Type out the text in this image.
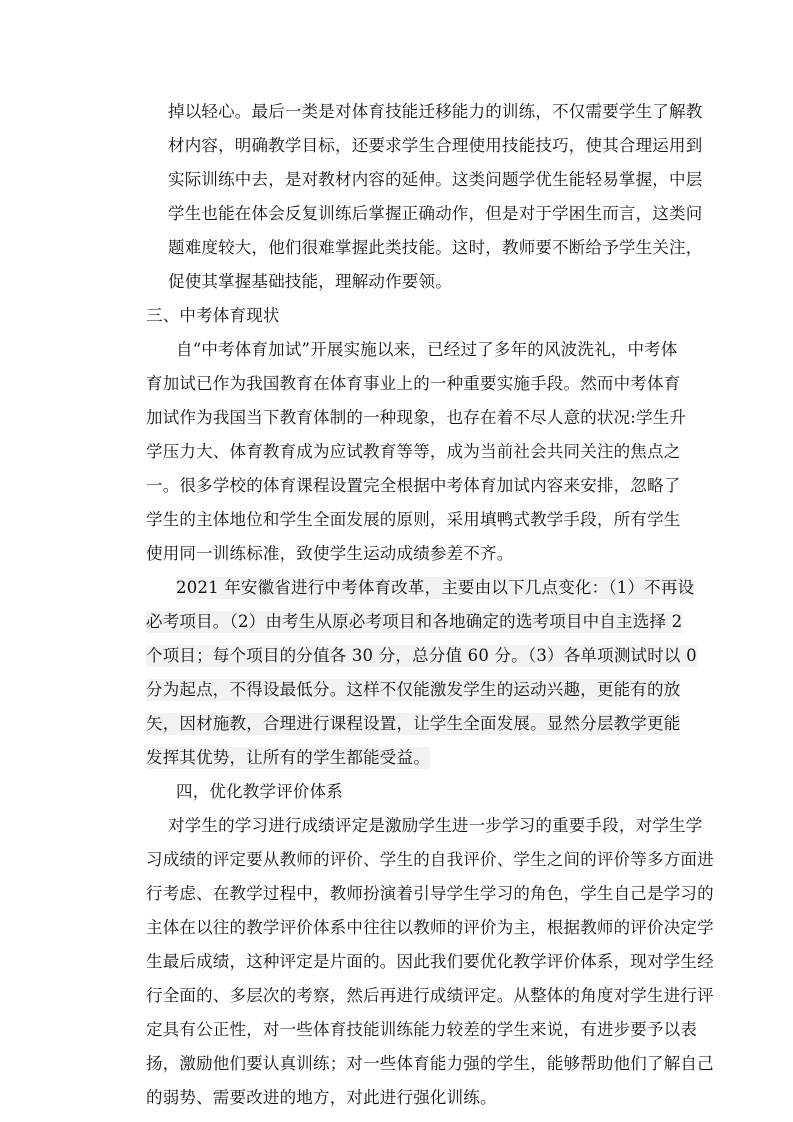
掉以轻心。最后一类是对体育技能迁移能力的训练，不仅需要学生了解教
材内容，明确教学目标，还要求学生合理使用技能技巧，使其合理运用到
实际训练中去，是对教材内容的延伸。这类问题学优生能轻易掌握，中层
学生也能在体会反复训练后掌握正确动作，但是对于学困生而言，这类问
题难度较大，他们很难掌握此类技能。这时，教师要不断给予学生关注，
促使其掌握基础技能，理解动作要领。
三、中考体育现状
自“中考体育加试”开展实施以来，已经过了多年的风波洗礼，中考体
育加试已作为我国教育在体育事业上的一种重要实施手段。然而中考体育
加试作为我国当下教育体制的一种现象，也存在着不尽人意的状况:学生升
学压力大、体育教育成为应试教育等等，成为当前社会共同关注的焦点之
一。很多学校的体育课程设置完全根据中考体育加试内容来安排，忽略了
学生的主体地位和学生全面发展的原则，采用填鸭式教学手段，所有学生
使用同一训练标准，致使学生运动成绩参差不齐。
2021 年安徽省进行中考体育改革，主要由以下几点变化：（1）不再设
必考项目。（2）由考生从原必考项目和各地确定的选考项目中自主选择 2
个项目；每个项目的分值各 30 分，总分值 60 分。（3）各单项测试时以 0
分为起点，不得设最低分。这样不仅能激发学生的运动兴趣，更能有的放
矢，因材施教，合理进行课程设置，让学生全面发展。显然分层教学更能
发挥其优势，让所有的学生都能受益。
四，优化教学评价体系
对学生的学习进行成绩评定是激励学生进一步学习的重要手段，对学生学
习成绩的评定要从教师的评价、学生的自我评价、学生之间的评价等多方面进
行考虑、在教学过程中，教师扮演着引导学生学习的角色，学生自己是学习的
主体在以往的教学评价体系中往往以教师的评价为主，根据教师的评价决定学
生最后成绩，这种评定是片面的。因此我们要优化教学评价体系，现对学生经
行全面的、多层次的考察，然后再进行成绩评定。从整体的角度对学生进行评
定具有公正性，对一些体育技能训练能力较差的学生来说，有进步要予以表
扬，激励他们要认真训练；对一些体育能力强的学生，能够帮助他们了解自己
的弱势、需要改进的地方，对此进行强化训练。
